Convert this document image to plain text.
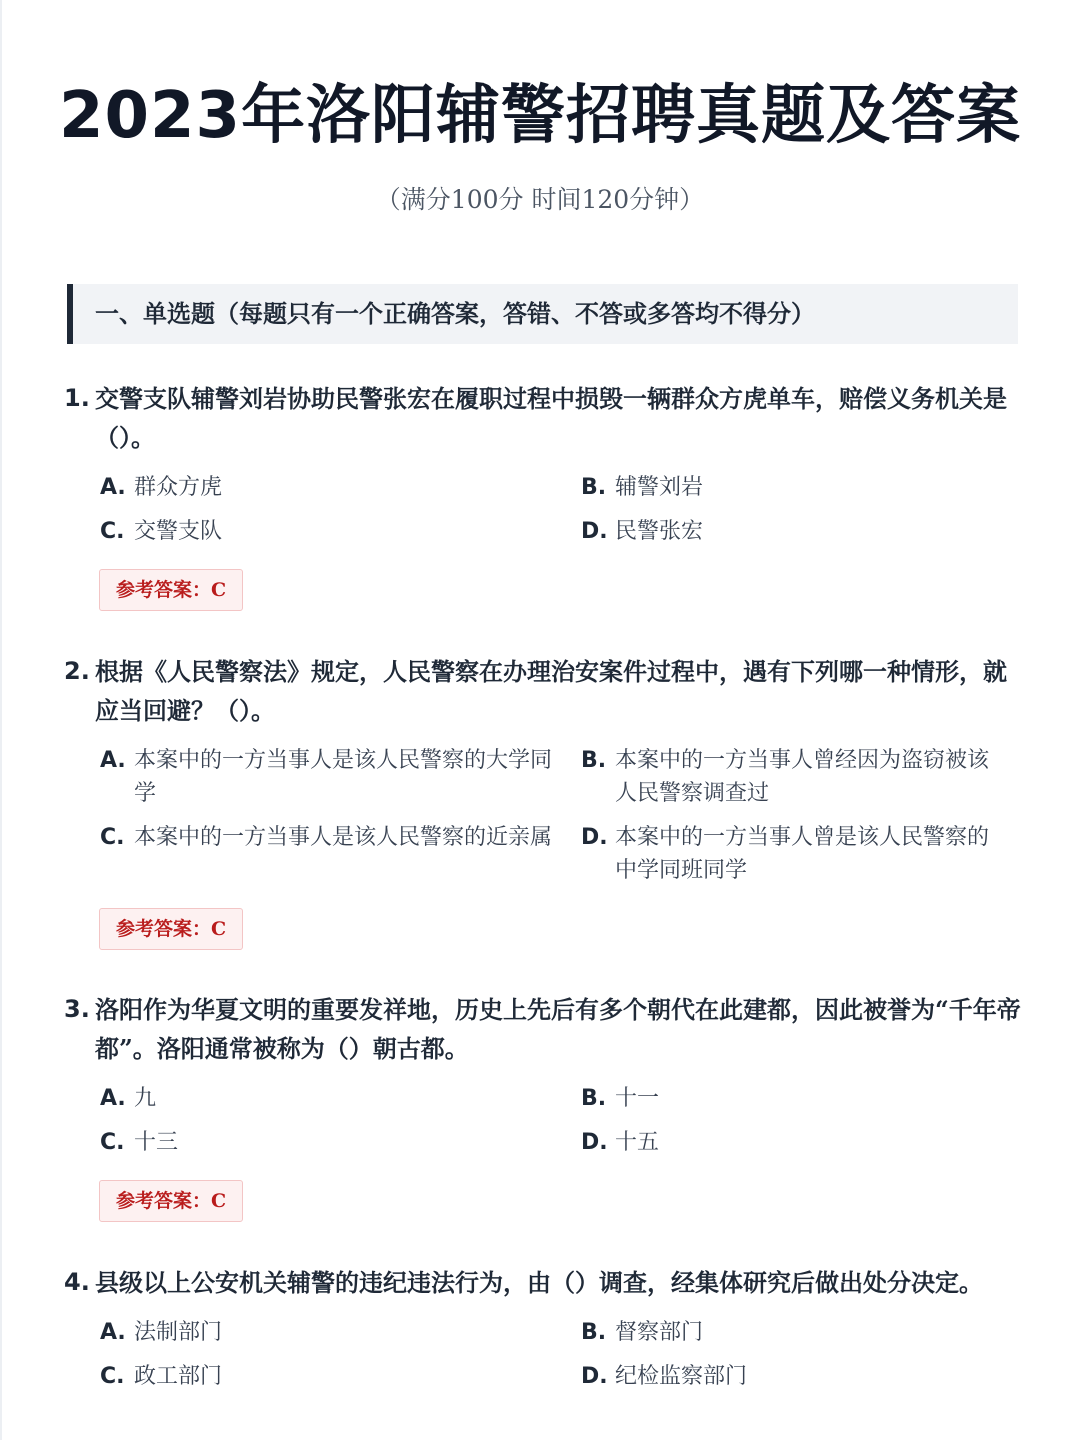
2023年洛阳辅警招聘真题及答案
（满分100分 时间120分钟）
一、单选题（每题只有一个正确答案，答错、不答或多答均不得分）
1. 交警支队辅警刘岩协助民警张宏在履职过程中损毁一辆群众方虎单车，赔偿义务机关是（）。
A. 群众方虎	B. 辅警刘岩
C. 交警支队	D. 民警张宏
参考答案：C
2. 根据《人民警察法》规定，人民警察在办理治安案件过程中，遇有下列哪一种情形，就应当回避？（）。
A. 本案中的一方当事人是该人民警察的大学同学
B. 本案中的一方当事人曾经因为盗窃被该人民警察调查过
C. 本案中的一方当事人是该人民警察的近亲属	D. 本案中的一方当事人曾是该人民警察的中学同班同学
参考答案：C
3. 洛阳作为华夏文明的重要发祥地，历史上先后有多个朝代在此建都，因此被誉为“千年帝都”。洛阳通常被称为（）朝古都。
A. 九	B. 十一
C. 十三	D. 十五
参考答案：C
4. 县级以上公安机关辅警的违纪违法行为，由（）调查，经集体研究后做出处分决定。
A. 法制部门	B. 督察部门
C. 政工部门	D. 纪检监察部门
